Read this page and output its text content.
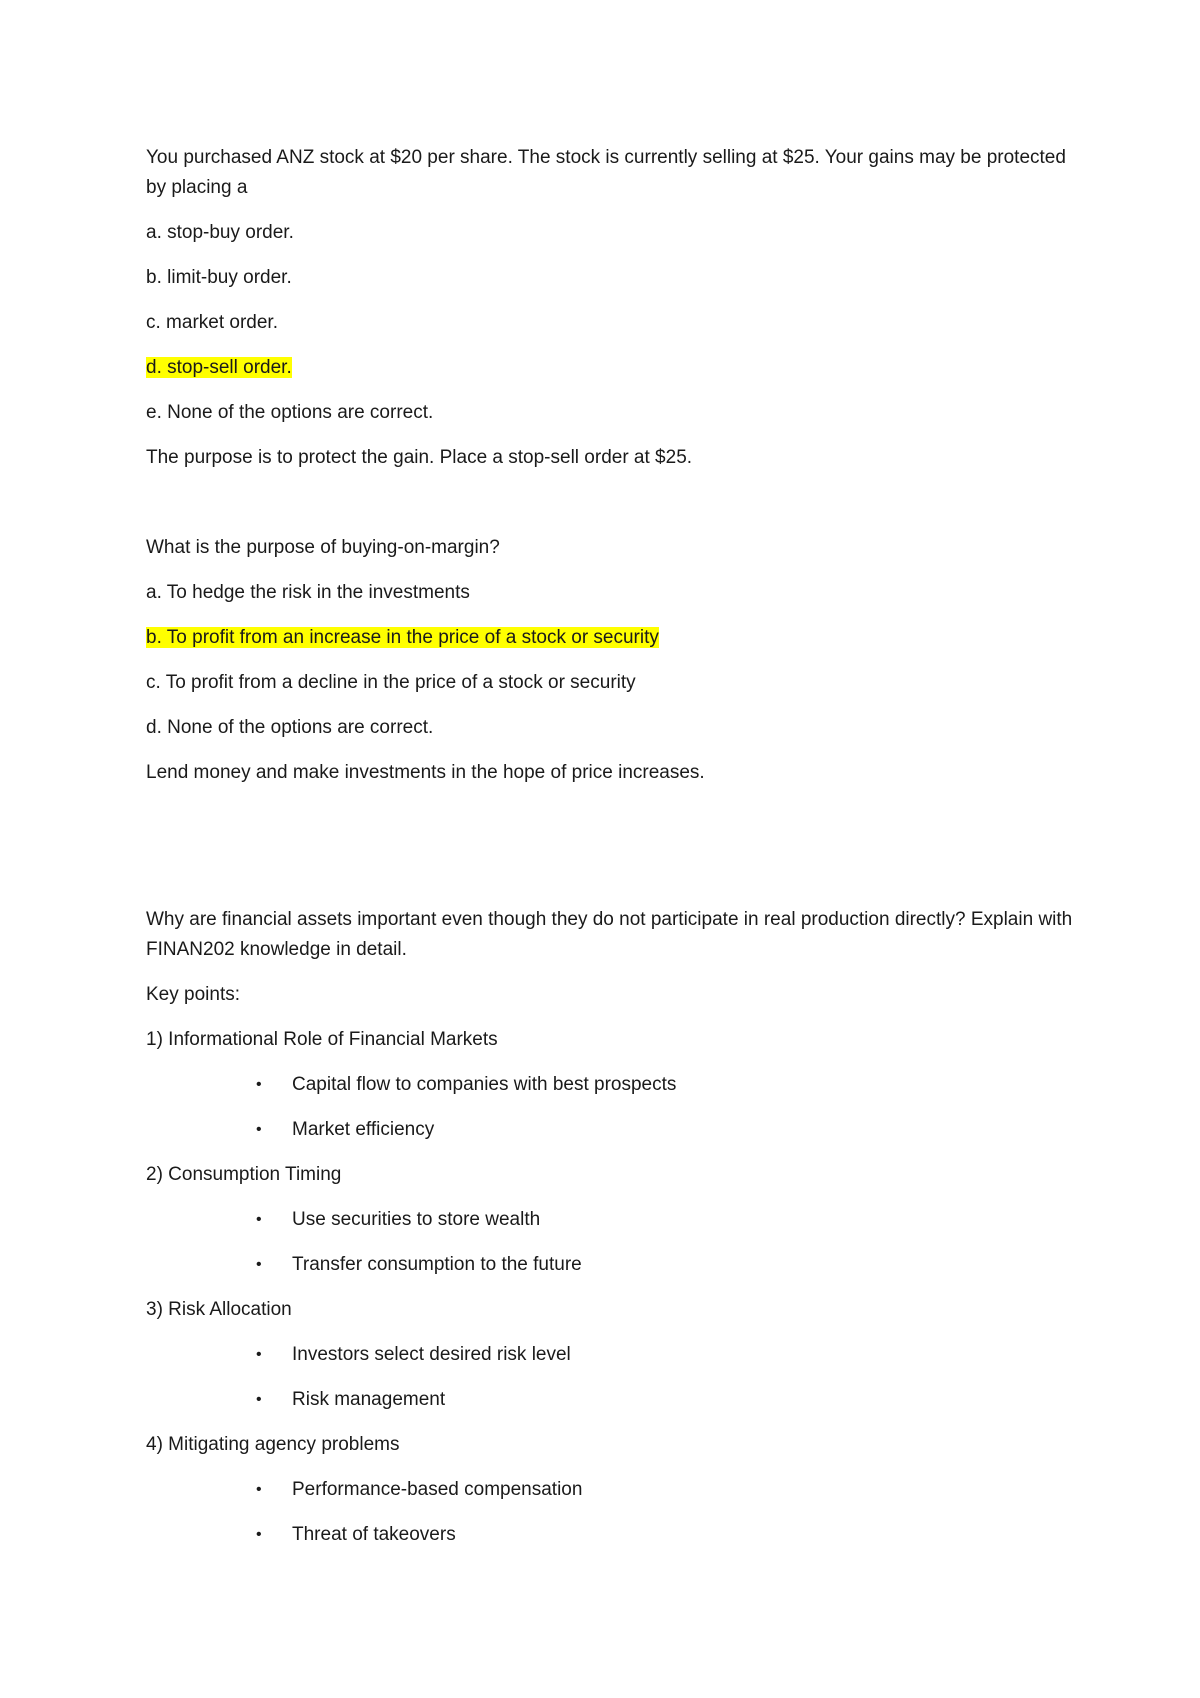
You purchased ANZ stock at $20 per share. The stock is currently selling at $25. Your gains may be protected by placing a

a. stop-buy order.

b. limit-buy order.

c. market order.

d. stop-sell order.

e. None of the options are correct.

The purpose is to protect the gain. Place a stop-sell order at $25.

What is the purpose of buying-on-margin?

a. To hedge the risk in the investments

b. To profit from an increase in the price of a stock or security

c. To profit from a decline in the price of a stock or security

d. None of the options are correct.

Lend money and make investments in the hope of price increases.

Why are financial assets important even though they do not participate in real production directly? Explain with FINAN202 knowledge in detail.

Key points:

1) Informational Role of Financial Markets

• Capital flow to companies with best prospects
• Market efficiency

2) Consumption Timing

• Use securities to store wealth
• Transfer consumption to the future

3) Risk Allocation

• Investors select desired risk level
• Risk management

4) Mitigating agency problems

• Performance-based compensation
• Threat of takeovers
